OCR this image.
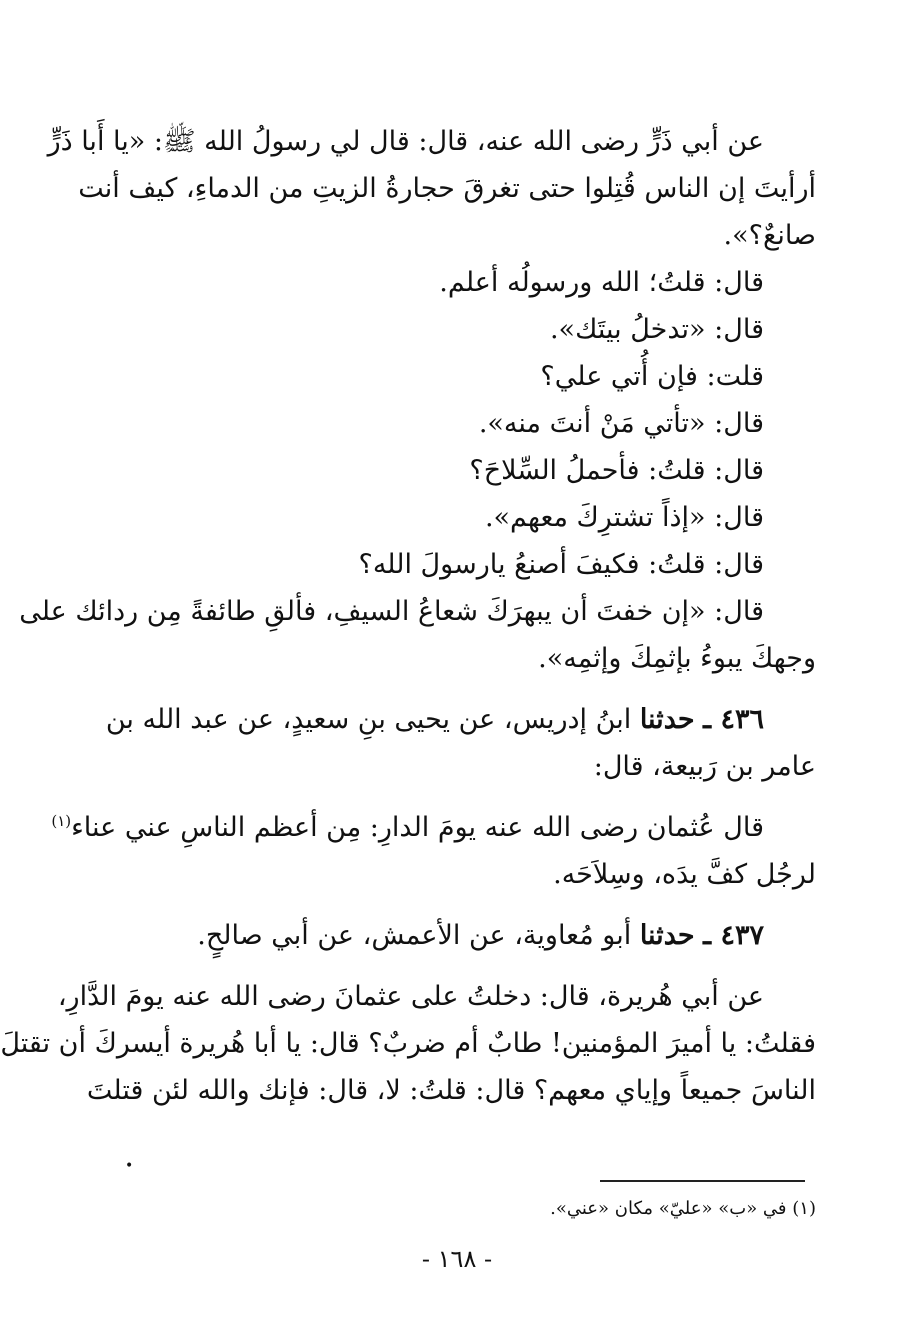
عن أبي ذَرٍّ رضى الله عنه، قال: قال لي رسولُ الله ﷺ: «يا أَبا ذَرٍّ
أرأيتَ إن الناس قُتِلوا حتى تغرقَ حجارةُ الزيتِ من الدماءِ، كيف أنت
صانعٌ؟».
قال: قلتُ؛ الله ورسولُه أعلم.
قال: «تدخلُ بيتَك».
قلت: فإن أُتي علي؟
قال: «تأتي مَنْ أنتَ منه».
قال: قلتُ: فأحملُ السِّلاحَ؟
قال: «إذاً تشترِكَ معهم».
قال: قلتُ: فكيفَ أصنعُ يارسولَ الله؟
قال: «إن خفتَ أن يبهرَكَ شعاعُ السيفِ، فألقِ طائفةً مِن ردائك على
وجهكَ يبوءُ بإثمِكَ وإثمِه».
٤٣٦ ـ حدثنا ابنُ إدريس، عن يحيى بنِ سعيدٍ، عن عبد الله بن
عامر بن رَبيعة، قال:
قال عُثمان رضى الله عنه يومَ الدارِ: مِن أعظم الناسِ عني عناء$^{(١)}$
لرجُل كفَّ يدَه، وسِلاَحَه.
٤٣٧ ـ حدثنا أبو مُعاوية، عن الأعمش، عن أبي صالحٍ.
عن أبي هُريرة، قال: دخلتُ على عثمانَ رضى الله عنه يومَ الدَّارِ،
فقلتُ: يا أميرَ المؤمنين! طابٌ أم ضربٌ؟ قال: يا أبا هُريرة أيسركَ أن تقتلَ
الناسَ جميعاً وإياي معهم؟ قال: قلتُ: لا، قال: فإنك والله لئن قتلتَ
•
(١) في «ب» «عليّ» مكان «عني».
- ١٦٨ -
